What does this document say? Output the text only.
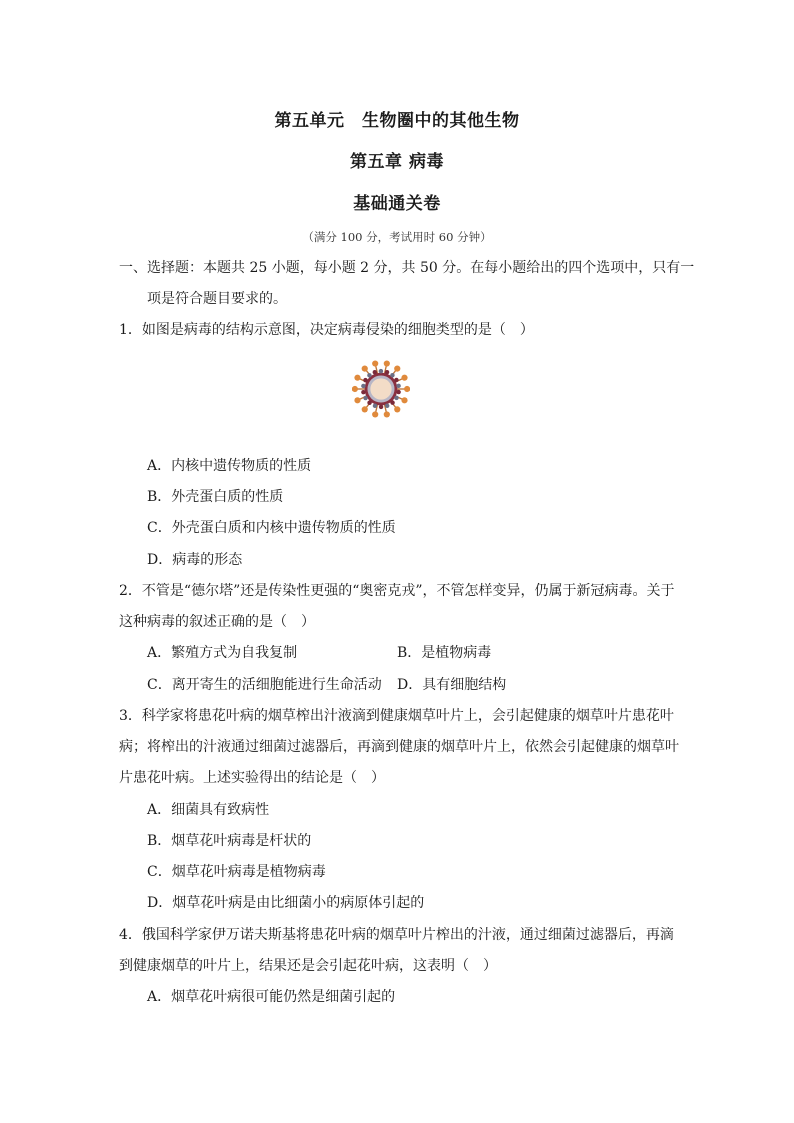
第五单元　生物圈中的其他生物
第五章 病毒
基础通关卷
（满分 100 分，考试用时 60 分钟）
一、选择题：本题共 25 小题，每小题 2 分，共 50 分。在每小题给出的四个选项中，只有一
项是符合题目要求的。
1．如图是病毒的结构示意图，决定病毒侵染的细胞类型的是（　）
A．内核中遗传物质的性质
B．外壳蛋白质的性质
C．外壳蛋白质和内核中遗传物质的性质
D．病毒的形态
2．不管是“德尔塔”还是传染性更强的“奥密克戎”，不管怎样变异，仍属于新冠病毒。关于
这种病毒的叙述正确的是（　）
A．繁殖方式为自我复制	B．是植物病毒
C．离开寄生的活细胞能进行生命活动 D．具有细胞结构
3．科学家将患花叶病的烟草榨出汁液滴到健康烟草叶片上，会引起健康的烟草叶片患花叶
病；将榨出的汁液通过细菌过滤器后，再滴到健康的烟草叶片上，依然会引起健康的烟草叶
片患花叶病。上述实验得出的结论是（　）
A．细菌具有致病性
B．烟草花叶病毒是杆状的
C．烟草花叶病毒是植物病毒
D．烟草花叶病是由比细菌小的病原体引起的
4．俄国科学家伊万诺夫斯基将患花叶病的烟草叶片榨出的汁液，通过细菌过滤器后，再滴
到健康烟草的叶片上，结果还是会引起花叶病，这表明（　）
A．烟草花叶病很可能仍然是细菌引起的
